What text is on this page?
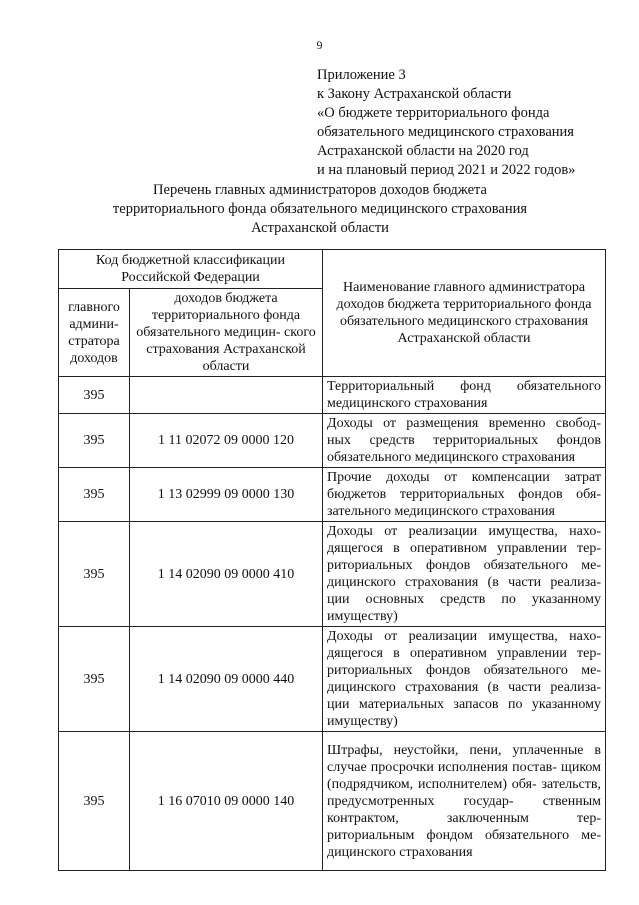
9
Приложение 3
к Закону Астраханской области
«О бюджете территориального фонда
обязательного медицинского страхования
Астраханской области на 2020 год
и на плановый период 2021 и 2022 годов»
Перечень главных администраторов доходов бюджета
территориального фонда обязательного медицинского страхования
Астраханской области
Код бюджетной классификации Российской Федерации		Наименование главного администратора доходов бюджета территориального фонда обязательного медицинского страхования Астраханской области
главного админи- стратора доходов	доходов бюджета территориального фонда обязательного медицин- ского страхования Астраханской области	
395		Территориальный фонд обязательного медицинского страхования
395	1 11 02072 09 0000 120	Доходы от размещения временно свобод- ных средств территориальных фондов обязательного медицинского страхования
395	1 13 02999 09 0000 130	Прочие доходы от компенсации затрат бюджетов территориальных фондов обя- зательного медицинского страхования
395	1 14 02090 09 0000 410	Доходы от реализации имущества, нахо- дящегося в оперативном управлении тер- риториальных фондов обязательного ме- дицинского страхования (в части реализа- ции основных средств по указанному имуществу)
395	1 14 02090 09 0000 440	Доходы от реализации имущества, нахо- дящегося в оперативном управлении тер- риториальных фондов обязательного ме- дицинского страхования (в части реализа- ции материальных запасов по указанному имуществу)
395	1 16 07010 09 0000 140	Штрафы, неустойки, пени, уплаченные в случае просрочки исполнения постав- щиком (подрядчиком, исполнителем) обя- зательств, предусмотренных государ- ственным контрактом, заключенным тер- риториальным фондом обязательного ме- дицинского страхования
